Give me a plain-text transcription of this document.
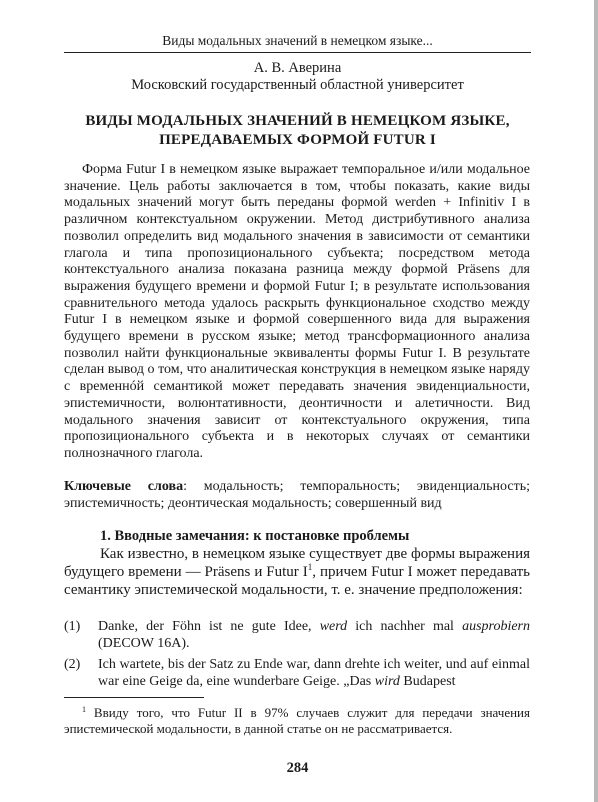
Виды модальных значений в немецком языке...
А. В. Аверина
Московский государственный областной университет
ВИДЫ МОДАЛЬНЫХ ЗНАЧЕНИЙ В НЕМЕЦКОМ ЯЗЫКЕ,
ПЕРЕДАВАЕМЫХ ФОРМОЙ FUTUR I

Форма Futur I в немецком языке выражает темпоральное и/или модальное значение. Цель работы заключается в том, чтобы показать, какие виды модальных значений могут быть переданы формой werden + Infinitiv I в различном контекстуальном окружении. Метод дистрибутивного анализа позволил определить вид модального значения в зависимости от семантики глагола и типа пропозиционального субъекта; посредством метода контекстуального анализа показана разница между формой Präsens для выражения будущего времени и формой Futur I; в результате использования сравнительного метода удалось раскрыть функциональное сходство между Futur I в немецком языке и формой совершенного вида для выражения будущего времени в русском языке; метод трансформационного анализа позволил найти функциональные эквиваленты формы Futur I. В результате сделан вывод о том, что аналитическая конструкция в немецком языке наряду с временнóй семантикой может передавать значения эвиденциальности, эпистемичности, волюнтативности, деонтичности и алетичности. Вид модального значения зависит от контекстуального окружения, типа пропозиционального субъекта и в некоторых случаях от семантики полнозначного глагола.

Ключевые слова: модальность; темпоральность; эвиденциальность; эпистемичность; деонтическая модальность; совершенный вид
1. Вводные замечания: к постановке проблемы
Как известно, в немецком языке существует две формы выражения будущего времени — Präsens и Futur $I^1$, причем Futur I может передавать семантику эпистемической модальности, т. е. значение предположения:
(1) Danke, der Föhn ist ne gute Idee, werd ich nachher mal ausprobiern (DECOW 16A).
(2) Ich wartete, bis der Satz zu Ende war, dann drehte ich weiter, und auf einmal war eine Geige da, eine wunderbare Geige. „Das wird Budapest
$^1$ Ввиду того, что Futur II в 97% случаев служит для передачи значения эпистемической модальности, в данной статье он не рассматривается.
284
